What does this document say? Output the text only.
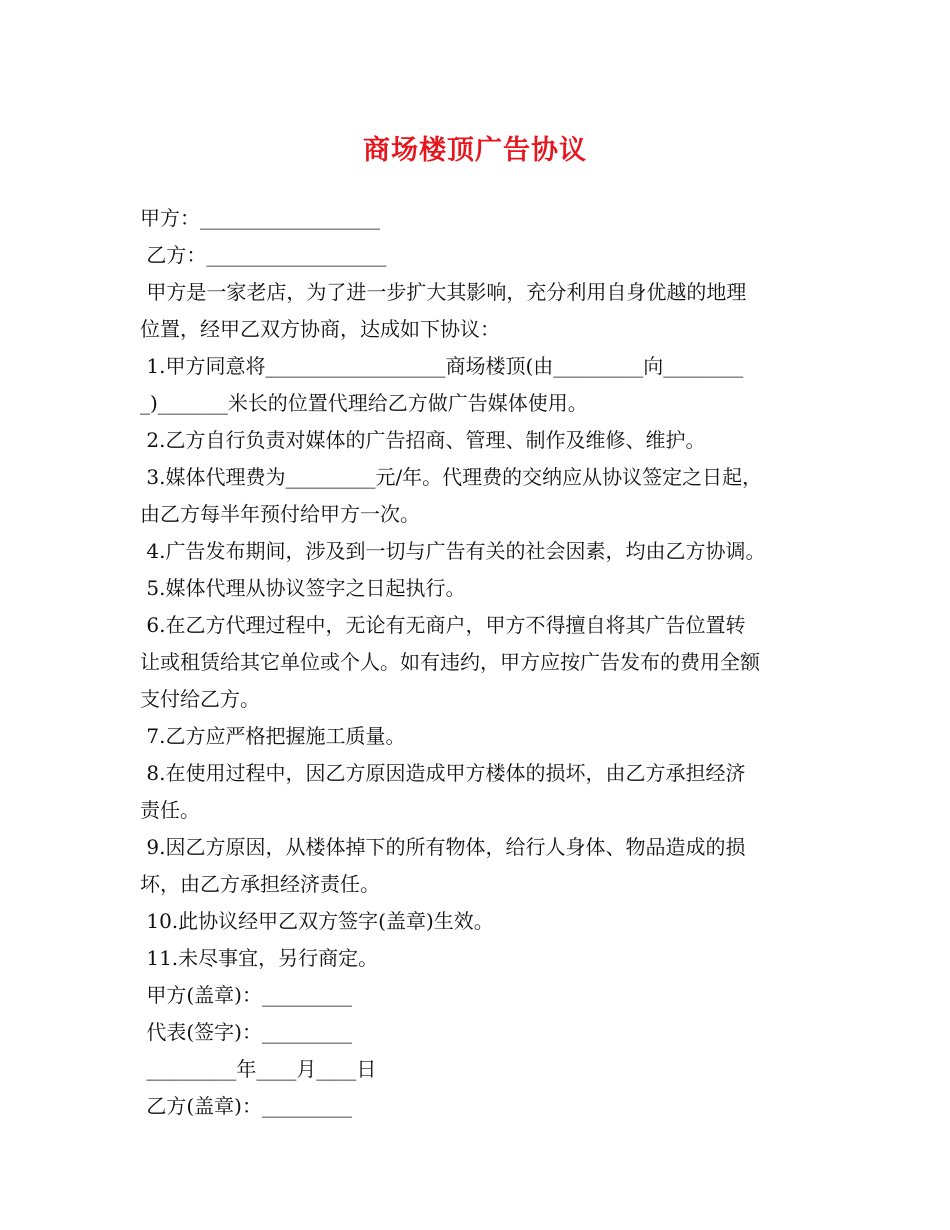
商场楼顶广告协议
甲方：__________________
乙方：__________________
甲方是一家老店，为了进一步扩大其影响，充分利用自身优越的地理
位置，经甲乙双方协商，达成如下协议：
1.甲方同意将__________________商场楼顶(由_________向________
_)_______米长的位置代理给乙方做广告媒体使用。
2.乙方自行负责对媒体的广告招商、管理、制作及维修、维护。
3.媒体代理费为_________元/年。代理费的交纳应从协议签定之日起，
由乙方每半年预付给甲方一次。
4.广告发布期间，涉及到一切与广告有关的社会因素，均由乙方协调。
5.媒体代理从协议签字之日起执行。
6.在乙方代理过程中，无论有无商户，甲方不得擅自将其广告位置转
让或租赁给其它单位或个人。如有违约，甲方应按广告发布的费用全额
支付给乙方。
7.乙方应严格把握施工质量。
8.在使用过程中，因乙方原因造成甲方楼体的损坏，由乙方承担经济
责任。
9.因乙方原因，从楼体掉下的所有物体，给行人身体、物品造成的损
坏，由乙方承担经济责任。
10.此协议经甲乙双方签字(盖章)生效。
11.未尽事宜，另行商定。
甲方(盖章)：_________
代表(签字)：_________
_________年____月____日
乙方(盖章)：_________
